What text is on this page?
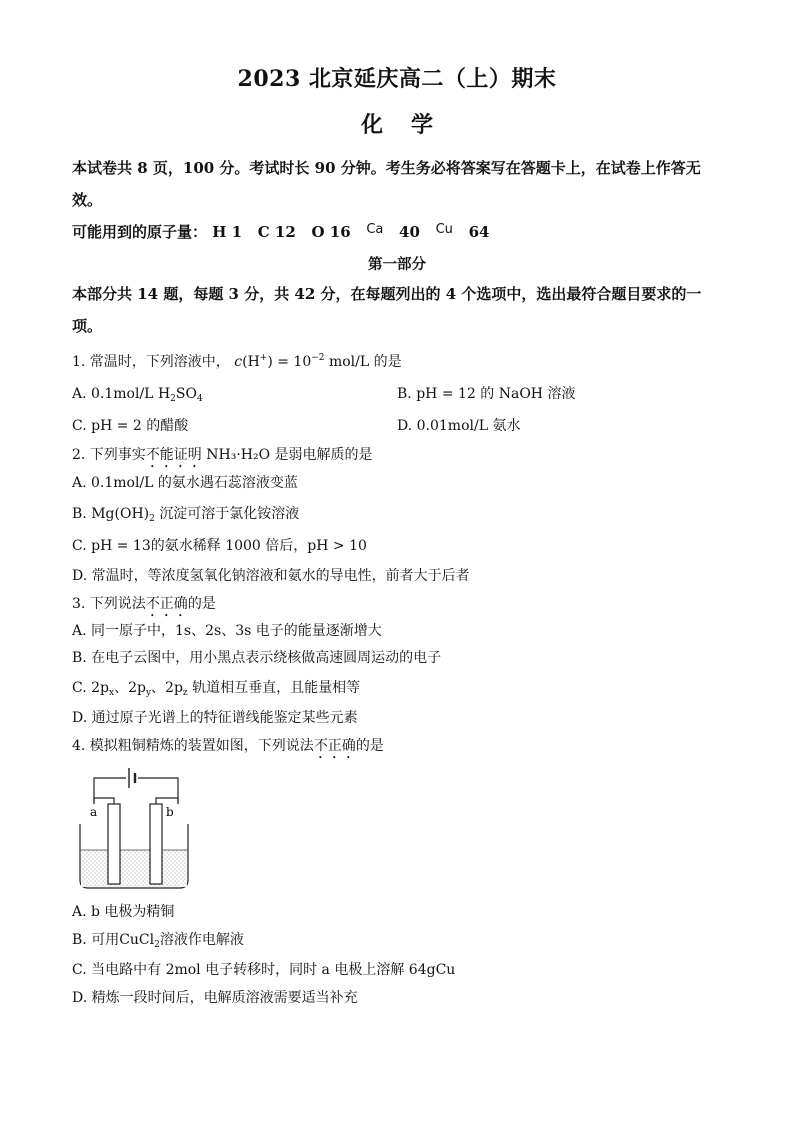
2023 北京延庆高二（上）期末
化学
本试卷共 8 页，100 分。考试时长 90 分钟。考生务必将答案写在答题卡上，在试卷上作答无
效。
可能用到的原子量： H 1 C 12 O 16 Ca 40 Cu 64
第一部分
本部分共 14 题，每题 3 分，共 42 分，在每题列出的 4 个选项中，选出最符合题目要求的一
项。
1. 常温时，下列溶液中， $c(H^+) = 10^{-2}$ mol/L 的是
A. 0.1mol/L $H_2SO_4$	B. pH = 12 的 NaOH 溶液
C. pH = 2 的醋酸	D. 0.01mol/L 氨水
2. 下列事实不能证明 NH₃·H₂O 是弱电解质的是
A. 0.1mol/L 的氨水遇石蕊溶液变蓝
B. $Mg(OH)_2$ 沉淀可溶于氯化铵溶液
C. pH = 13的氨水稀释 1000 倍后，pH > 10
D. 常温时，等浓度氢氧化钠溶液和氨水的导电性，前者大于后者
3. 下列说法不正确的是
A. 同一原子中，1s、2s、3s 电子的能量逐渐增大
B. 在电子云图中，用小黑点表示绕核做高速圆周运动的电子
C. $2p_x$、$2p_y$、$2p_z$ 轨道相互垂直，且能量相等
D. 通过原子光谱上的特征谱线能鉴定某些元素
4. 模拟粗铜精炼的装置如图，下列说法不正确的是
a	b
A. b 电极为精铜
B. 可用CuCl$_2$溶液作电解液
C. 当电路中有 2mol 电子转移时，同时 a 电极上溶解 64gCu
D. 精炼一段时间后，电解质溶液需要适当补充
